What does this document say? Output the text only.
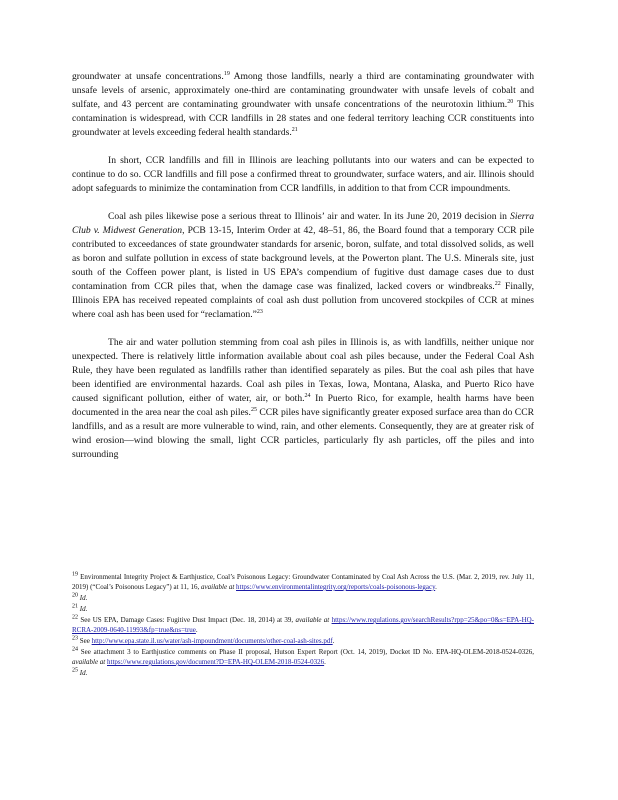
groundwater at unsafe concentrations.$^{19}$ Among those landfills, nearly a third are contaminating groundwater with unsafe levels of arsenic, approximately one-third are contaminating groundwater with unsafe levels of cobalt and sulfate, and 43 percent are contaminating groundwater with unsafe concentrations of the neurotoxin lithium.$^{20}$ This contamination is widespread, with CCR landfills in 28 states and one federal territory leaching CCR constituents into groundwater at levels exceeding federal health standards.$^{21}$

In short, CCR landfills and fill in Illinois are leaching pollutants into our waters and can be expected to continue to do so. CCR landfills and fill pose a confirmed threat to groundwater, surface waters, and air. Illinois should adopt safeguards to minimize the contamination from CCR landfills, in addition to that from CCR impoundments.

Coal ash piles likewise pose a serious threat to Illinois’ air and water. In its June 20, 2019 decision in Sierra Club v. Midwest Generation, PCB 13-15, Interim Order at 42, 48–51, 86, the Board found that a temporary CCR pile contributed to exceedances of state groundwater standards for arsenic, boron, sulfate, and total dissolved solids, as well as boron and sulfate pollution in excess of state background levels, at the Powerton plant. The U.S. Minerals site, just south of the Coffeen power plant, is listed in US EPA’s compendium of fugitive dust damage cases due to dust contamination from CCR piles that, when the damage case was finalized, lacked covers or windbreaks.$^{22}$ Finally, Illinois EPA has received repeated complaints of coal ash dust pollution from uncovered stockpiles of CCR at mines where coal ash has been used for “reclamation.”$^{23}$

The air and water pollution stemming from coal ash piles in Illinois is, as with landfills, neither unique nor unexpected. There is relatively little information available about coal ash piles because, under the Federal Coal Ash Rule, they have been regulated as landfills rather than identified separately as piles. But the coal ash piles that have been identified are environmental hazards. Coal ash piles in Texas, Iowa, Montana, Alaska, and Puerto Rico have caused significant pollution, either of water, air, or both.$^{24}$ In Puerto Rico, for example, health harms have been documented in the area near the coal ash piles.$^{25}$ CCR piles have significantly greater exposed surface area than do CCR landfills, and as a result are more vulnerable to wind, rain, and other elements. Consequently, they are at greater risk of wind erosion—wind blowing the small, light CCR particles, particularly fly ash particles, off the piles and into surrounding

$^{19}$ Environmental Integrity Project & Earthjustice, Coal’s Poisonous Legacy: Groundwater Contaminated by Coal Ash Across the U.S. (Mar. 2, 2019, rev. July 11, 2019) (“Coal’s Poisonous Legacy”) at 11, 16, available at https://www.environmentalintegrity.org/reports/coals-poisonous-legacy.
$^{20}$ Id.
$^{21}$ Id.
$^{22}$ See US EPA, Damage Cases: Fugitive Dust Impact (Dec. 18, 2014) at 39, available at https://www.regulations.gov/searchResults?rpp=25&po=0&s=EPA-HQ-RCRA-2009-0640-11993&fp=true&ns=true.
$^{23}$ See http://www.epa.state.il.us/water/ash-impoundment/documents/other-coal-ash-sites.pdf.
$^{24}$ See attachment 3 to Earthjustice comments on Phase II proposal, Hutson Expert Report (Oct. 14, 2019), Docket ID No. EPA-HQ-OLEM-2018-0524-0326, available at https://www.regulations.gov/document?D=EPA-HQ-OLEM-2018-0524-0326.
$^{25}$ Id.
